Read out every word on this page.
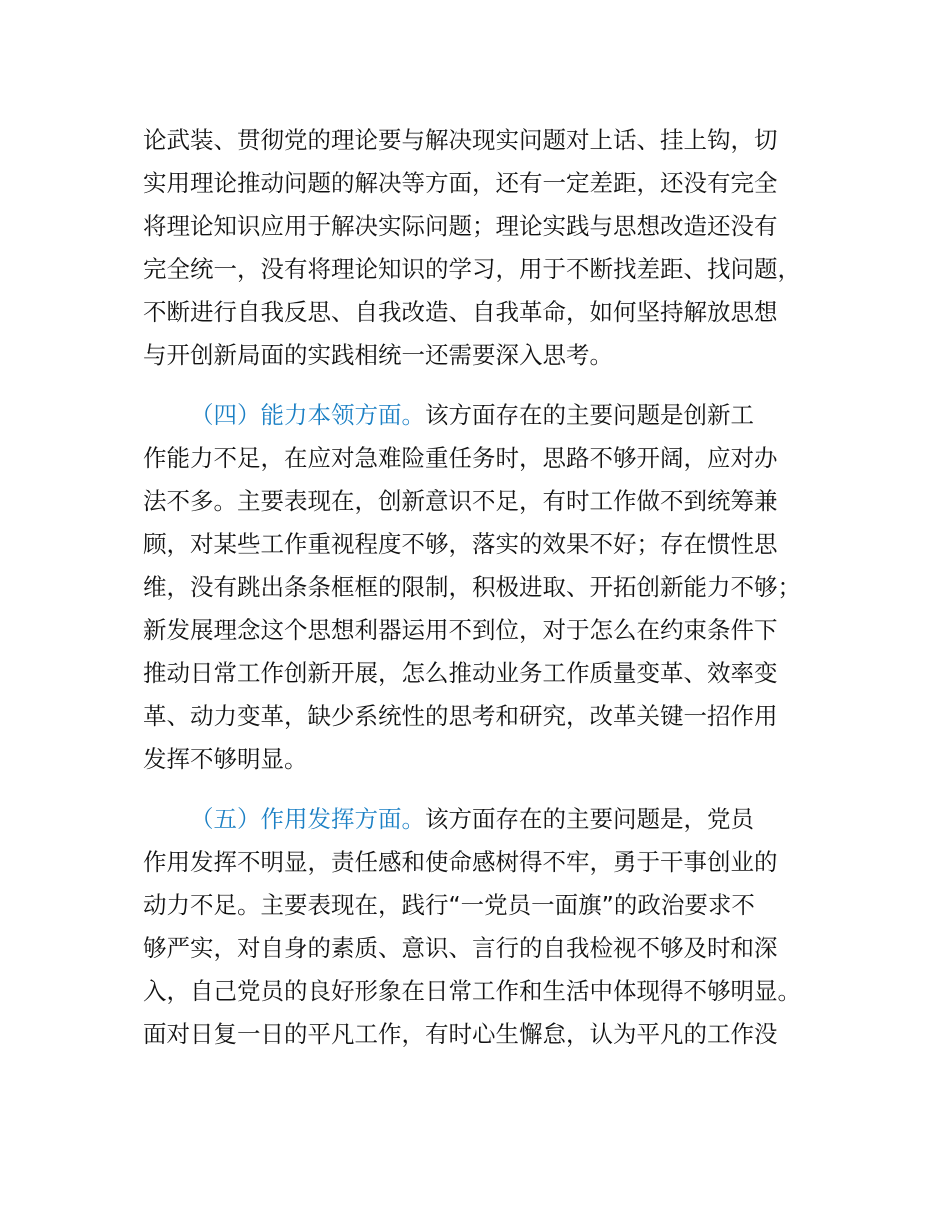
论武装、贯彻党的理论要与解决现实问题对上话、挂上钩，切
实用理论推动问题的解决等方面，还有一定差距，还没有完全
将理论知识应用于解决实际问题；理论实践与思想改造还没有
完全统一，没有将理论知识的学习，用于不断找差距、找问题，
不断进行自我反思、自我改造、自我革命，如何坚持解放思想
与开创新局面的实践相统一还需要深入思考。
（四）能力本领方面。该方面存在的主要问题是创新工
作能力不足，在应对急难险重任务时，思路不够开阔，应对办
法不多。主要表现在，创新意识不足，有时工作做不到统筹兼
顾，对某些工作重视程度不够，落实的效果不好；存在惯性思
维，没有跳出条条框框的限制，积极进取、开拓创新能力不够；
新发展理念这个思想利器运用不到位，对于怎么在约束条件下
推动日常工作创新开展，怎么推动业务工作质量变革、效率变
革、动力变革，缺少系统性的思考和研究，改革关键一招作用
发挥不够明显。
（五）作用发挥方面。该方面存在的主要问题是，党员
作用发挥不明显，责任感和使命感树得不牢，勇于干事创业的
动力不足。主要表现在，践行“一党员一面旗”的政治要求不
够严实，对自身的素质、意识、言行的自我检视不够及时和深
入，自己党员的良好形象在日常工作和生活中体现得不够明显。
面对日复一日的平凡工作，有时心生懈怠，认为平凡的工作没
